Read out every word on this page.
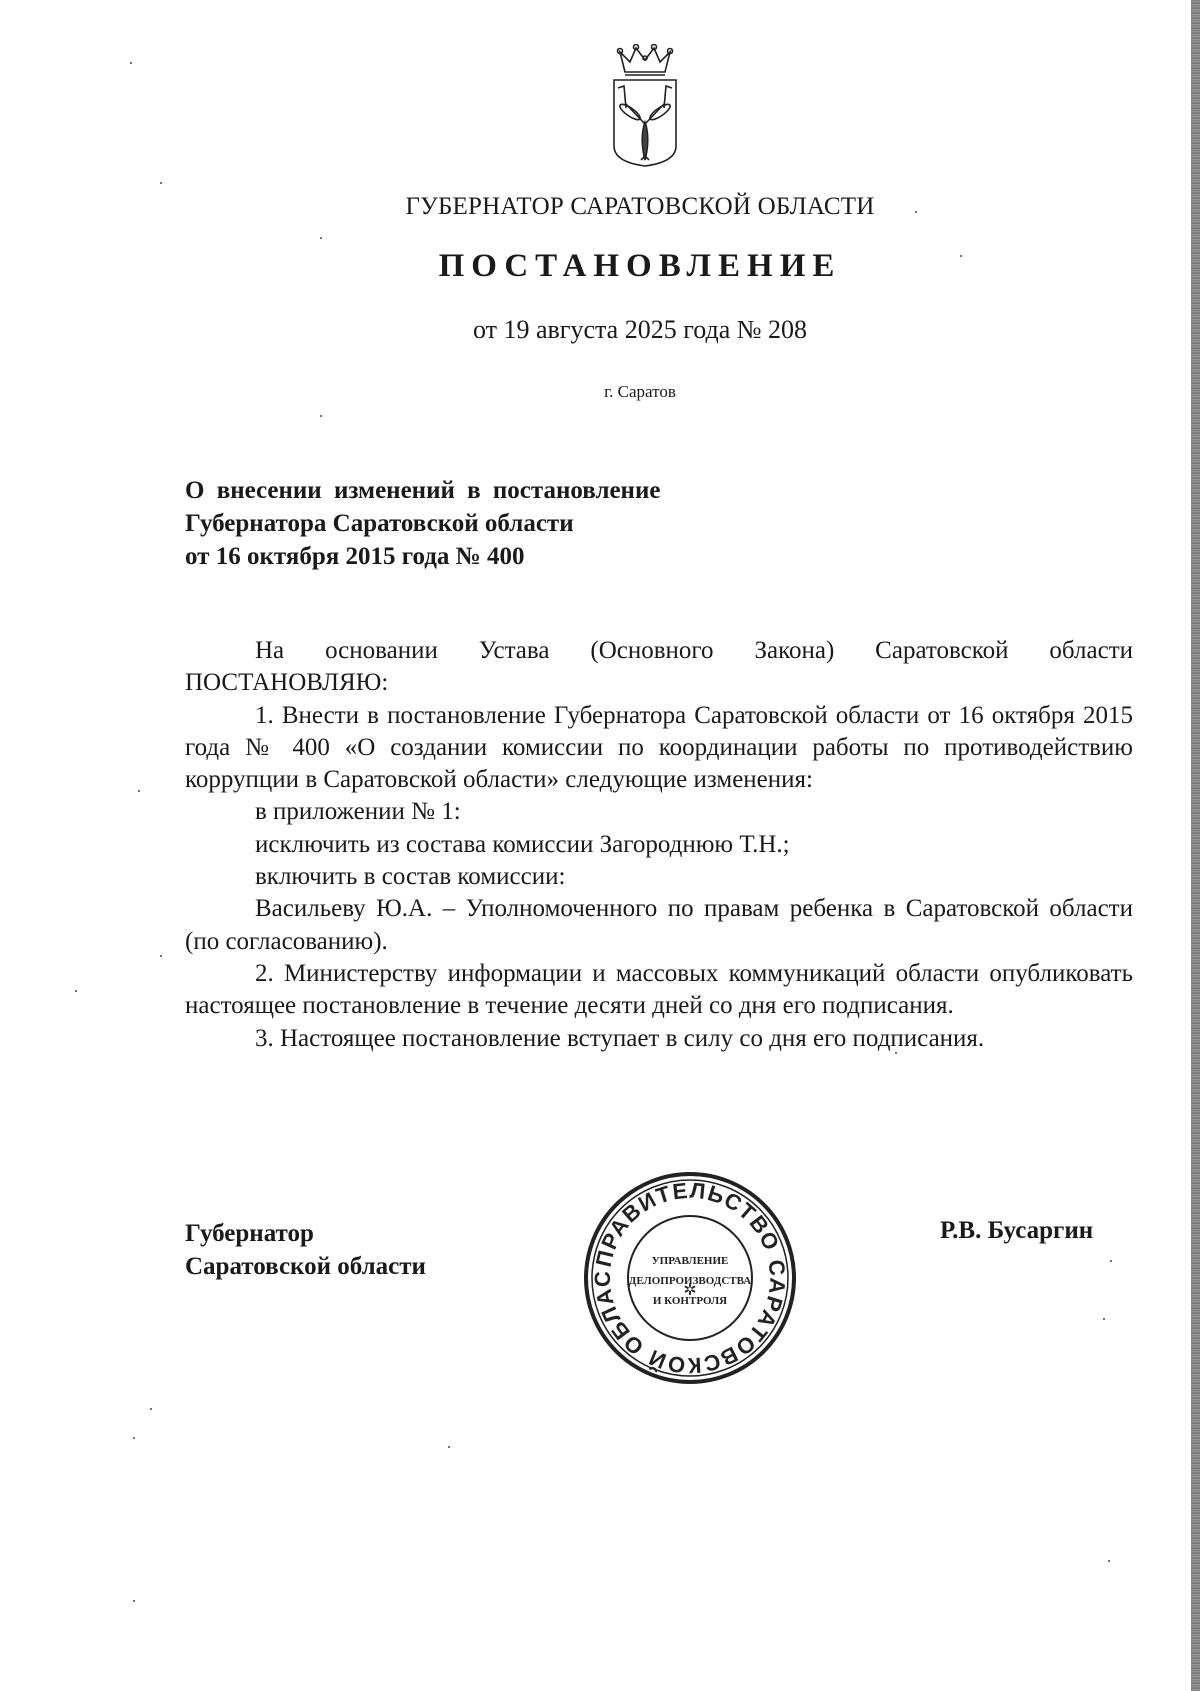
ГУБЕРНАТОР САРАТОВСКОЙ ОБЛАСТИ
ПОСТАНОВЛЕНИЕ
от 19 августа 2025 года № 208
г. Саратов
О внесении изменений в постановление
Губернатора Саратовской области
от 16 октября 2015 года № 400

На основании Устава (Основного Закона) Саратовской области ПОСТАНОВЛЯЮ:

1. Внести в постановление Губернатора Саратовской области от 16 октября 2015 года № 400 «О создании комиссии по координации работы по противодействию коррупции в Саратовской области» следующие изменения:

в приложении № 1:

исключить из состава комиссии Загороднюю Т.Н.;

включить в состав комиссии:

Васильеву Ю.А. – Уполномоченного по правам ребенка в Саратовской области (по согласованию).

2. Министерству информации и массовых коммуникаций области опубликовать настоящее постановление в течение десяти дней со дня его подписания.

3. Настоящее постановление вступает в силу со дня его подписания.

Губернатор
Саратовской области	ПРАВИТЕЛЬСТВО САРАТОВСКОЙ ОБЛАС
✲
УПРАВЛЕНИЕ
ДЕЛОПРОИЗВОДСТВА
И КОНТРОЛЯ
Р.В. Бусаргин
